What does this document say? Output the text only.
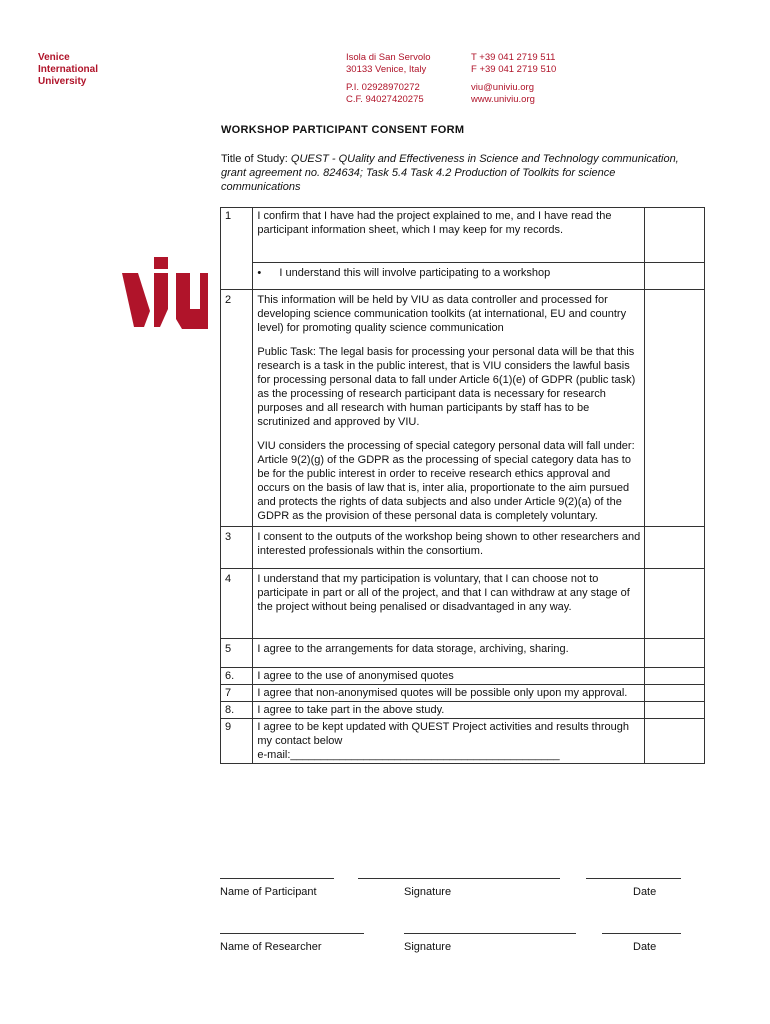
Venice
International
University
Isola di San Servolo
30133 Venice, Italy
P.I. 02928970272
C.F. 94027420275
T +39 041 2719 511
F +39 041 2719 510
viu@univiu.org
www.univiu.org
WORKSHOP PARTICIPANT CONSENT FORM
Title of Study: QUEST - QUality and Effectiveness in Science and Technology communication, grant agreement no. 824634; Task 5.4 Task 4.2 Production of Toolkits for science communications
1	I confirm that I have had the project explained to me, and I have read the participant information sheet, which I may keep for my records.	
	• I understand this will involve participating to a workshop	
2	This information will be held by VIU as data controller and processed for developing science communication toolkits (at international, EU and country level) for promoting quality science communication

Public Task: The legal basis for processing your personal data will be that this research is a task in the public interest, that is VIU considers the lawful basis for processing personal data to fall under Article 6(1)(e) of GDPR (public task) as the processing of research participant data is necessary for research purposes and all research with human participants by staff has to be scrutinized and approved by VIU.

VIU considers the processing of special category personal data will fall under: Article 9(2)(g) of the GDPR as the processing of special category data has to be for the public interest in order to receive research ethics approval and occurs on the basis of law that is, inter alia, proportionate to the aim pursued and protects the rights of data subjects and also under Article 9(2)(a) of the GDPR as the provision of these personal data is completely voluntary.	

3	I consent to the outputs of the workshop being shown to other researchers and interested professionals within the consortium.	
4	I understand that my participation is voluntary, that I can choose not to participate in part or all of the project, and that I can withdraw at any stage of the project without being penalised or disadvantaged in any way.	
5	I agree to the arrangements for data storage, archiving, sharing.	
6.	I agree to the use of anonymised quotes	
7	I agree that non-anonymised quotes will be possible only upon my approval.	
8.	I agree to take part in the above study.	
9	I agree to be kept updated with QUEST Project activities and results through my contact below
e-mail:____________________________________________	

Name of Participant	Signature	Date
Name of Researcher	Signature	Date
